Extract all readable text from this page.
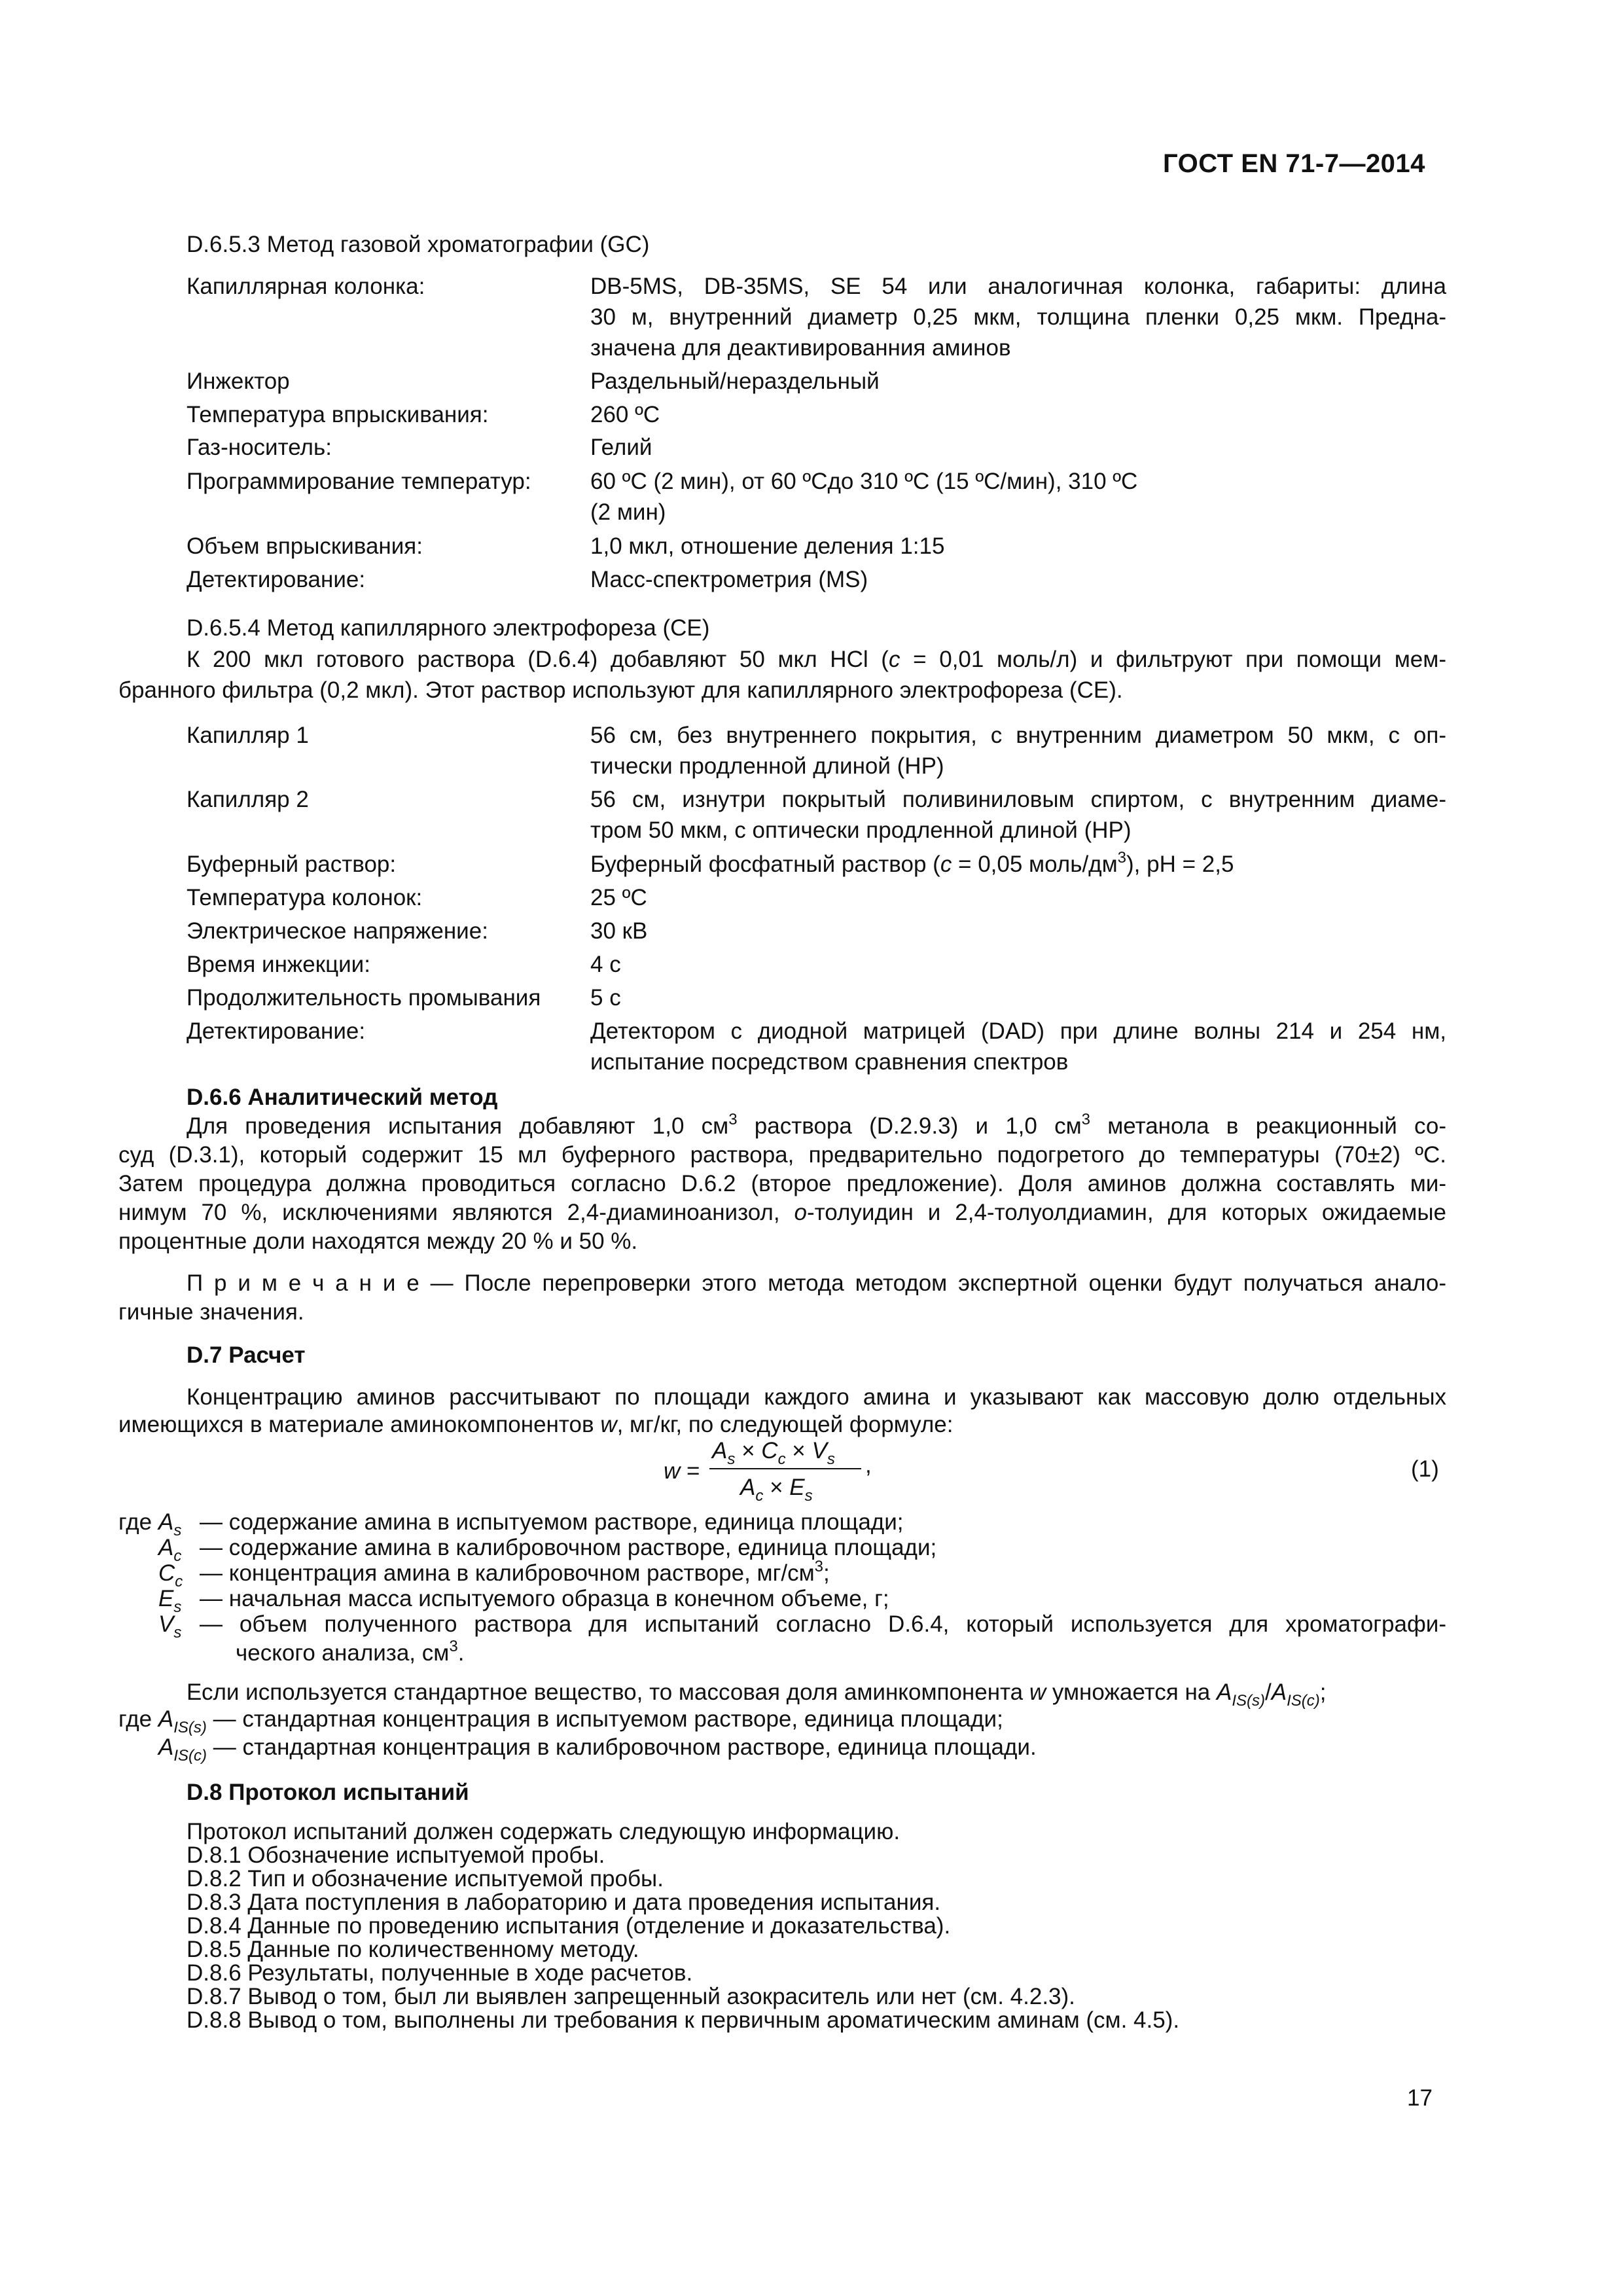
ГОСТ EN 71-7—2014
D.6.5.3 Метод газовой хроматографии (GC)
Капиллярная колонка:	DB-5MS, DB-35MS, SE 54 или аналогичная колонка, габариты: длина
30 м, внутренний диаметр 0,25 мкм, толщина пленки 0,25 мкм. Предна-
значена для деактивированния аминов
Инжектор	Раздельный/нераздельный
Температура впрыскивания:	260 ºС
Газ-носитель:	Гелий
Программирование температур:	60 ºС (2 мин), от 60 ºСдо 310 ºС (15 ºС/мин), 310 ºС
(2 мин)
Объем впрыскивания:	1,0 мкл, отношение деления 1:15
Детектирование:	Масс-спектрометрия (MS)
D.6.5.4 Метод капиллярного электрофореза (CE)
К 200 мкл готового раствора (D.6.4) добавляют 50 мкл HCl (c = 0,01 моль/л) и фильтруют при помощи мем-
бранного фильтра (0,2 мкл). Этот раствор используют для капиллярного электрофореза (CE).
Капилляр 1	56 см, без внутреннего покрытия, с внутренним диаметром 50 мкм, с оп-
тически продленной длиной (HP)
Капилляр 2	56 см, изнутри покрытый поливиниловым спиртом, с внутренним диаме-
тром 50 мкм, с оптически продленной длиной (HP)
Буферный раствор:	Буферный фосфатный раствор (c = 0,05 моль/$дм^3$), pH = 2,5
Температура колонок:	25 ºС
Электрическое напряжение:	30 кВ
Время инжекции:	4 с
Продолжительность промывания 5 с
Детектирование:	Детектором с диодной матрицей (DAD) при длине волны 214 и 254 нм,
испытание посредством сравнения спектров
D.6.6 Аналитический метод
Для проведения испытания добавляют 1,0 $см^3$ раствора (D.2.9.3) и 1,0 $см^3$ метанола в реакционный со-
суд (D.3.1), который содержит 15 мл буферного раствора, предварительно подогретого до температуры (70±2) ºС.
Затем процедура должна проводиться согласно D.6.2 (второе предложение). Доля аминов должна составлять ми-
нимум 70 %, исключениями являются 2,4-диаминоанизол, o-толуидин и 2,4-толуолдиамин, для которых ожидаемые
процентные доли находятся между 20 % и 50 %.
П р и м е ч а н и е — После перепроверки этого метода методом экспертной оценки будут получаться анало-
гичные значения.
D.7 Расчет
Концентрацию аминов рассчитывают по площади каждого амина и указывают как массовую долю отдельных
имеющихся в материале аминокомпонентов w, мг/кг, по следующей формуле:
w =
$A_s \times C_c \times V_s$
$A_c \times E_s$
,	(1)
где $A_s$ — содержание амина в испытуемом растворе, единица площади;
$A_c$ — содержание амина в калибровочном растворе, единица площади;
$C_c$ — концентрация амина в калибровочном растворе, $мг/см^3$;
$E_s$ — начальная масса испытуемого образца в конечном объеме, г;
$V_s$ — объем полученного раствора для испытаний согласно D.6.4, который используется для хроматографи-
ческого анализа, $см^3$.
Если используется стандартное вещество, то массовая доля аминкомпонента w умножается на $A_{IS(s)}/A_{IS(c)}$;
где $A_{IS(s)}$ — стандартная концентрация в испытуемом растворе, единица площади;
$A_{IS(c)}$ — стандартная концентрация в калибровочном растворе, единица площади.
D.8 Протокол испытаний
Протокол испытаний должен содержать следующую информацию.
D.8.1 Обозначение испытуемой пробы.
D.8.2 Тип и обозначение испытуемой пробы.
D.8.3 Дата поступления в лабораторию и дата проведения испытания.
D.8.4 Данные по проведению испытания (отделение и доказательства).
D.8.5 Данные по количественному методу.
D.8.6 Результаты, полученные в ходе расчетов.
D.8.7 Вывод о том, был ли выявлен запрещенный азокраситель или нет (см. 4.2.3).
D.8.8 Вывод о том, выполнены ли требования к первичным ароматическим аминам (см. 4.5).
17
